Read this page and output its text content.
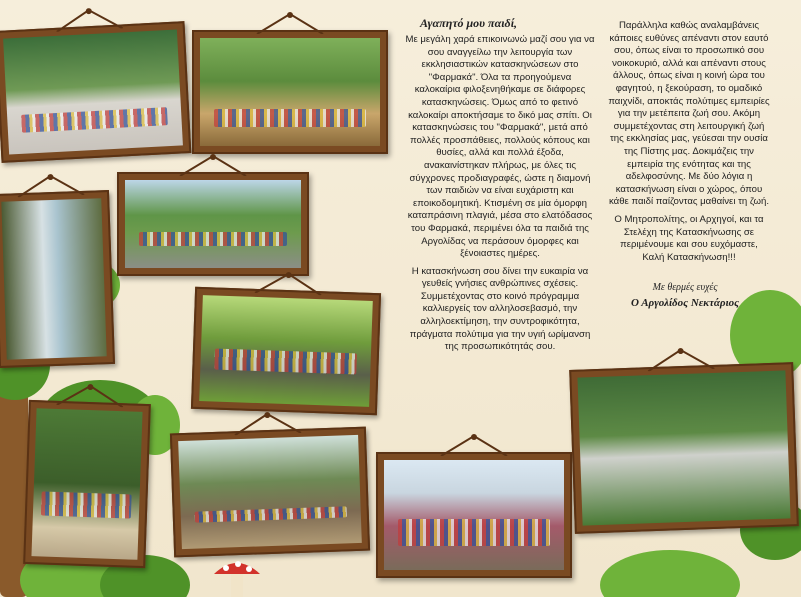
Αγαπητό μου παιδί,

Με μεγάλη χαρά επικοινωνώ μαζί σου για να σου αναγγείλω την λειτουργία των εκκλησιαστικών κατασκηνώσεων στο "Φαρμακά". Όλα τα προηγούμενα καλοκαίρια φιλοξενηθήκαμε σε διάφορες κατασκηνώσεις. Όμως από το φετινό καλοκαίρι αποκτήσαμε το δικό μας σπίτι. Οι κατασκηνώσεις του "Φαρμακά", μετά από πολλές προσπάθειες, πολλούς κόπους και θυσίες, αλλά και πολλά έξοδα, ανακαινίστηκαν πλήρως, με όλες τις σύγχρονες προδιαγραφές, ώστε η διαμονή των παιδιών να είναι ευχάριστη και εποικοδομητική. Κτισμένη σε μία όμορφη καταπράσινη πλαγιά, μέσα στο ελατόδασος του Φαρμακά, περιμένει όλα τα παιδιά της Αργολίδας να περάσουν όμορφες και ξένοιαστες ημέρες.

Η κατασκήνωση σου δίνει την ευκαιρία να γευθείς γνήσιες ανθρώπινες σχέσεις. Συμμετέχοντας στο κοινό πρόγραμμα καλλιεργείς τον αλληλοσεβασμό, την αλληλοεκτίμηση, την συντροφικότητα, πράγματα πολύτιμα για την υγιή ωρίμανση της προσωπικότητάς σου.

Παράλληλα καθώς αναλαμβάνεις κάποιες ευθύνες απέναντι στον εαυτό σου, όπως είναι το προσωπικό σου νοικοκυριό, αλλά και απέναντι στους άλλους, όπως είναι η κοινή ώρα του φαγητού, η ξεκούραση, το ομαδικό παιχνίδι, αποκτάς πολύτιμες εμπειρίες για την μετέπειτα ζωή σου. Ακόμη συμμετέχοντας στη λειτουργική ζωή της εκκλησίας μας, γεύεσαι την ουσία της Πίστης μας. Δοκιμάζεις την εμπειρία της ενότητας και της αδελφοσύνης. Με δύο λόγια η κατασκήνωση είναι ο χώρος, όπου κάθε παιδί παίζοντας μαθαίνει τη ζωή.

Ο Μητροπολίτης, οι Αρχηγοί, και τα Στελέχη της Κατασκήνωσης σε περιμένουμε και σου ευχόμαστε, Καλή Κατασκήνωση!!!

Με θερμές ευχές
Ο Αργολίδος Νεκτάριος
